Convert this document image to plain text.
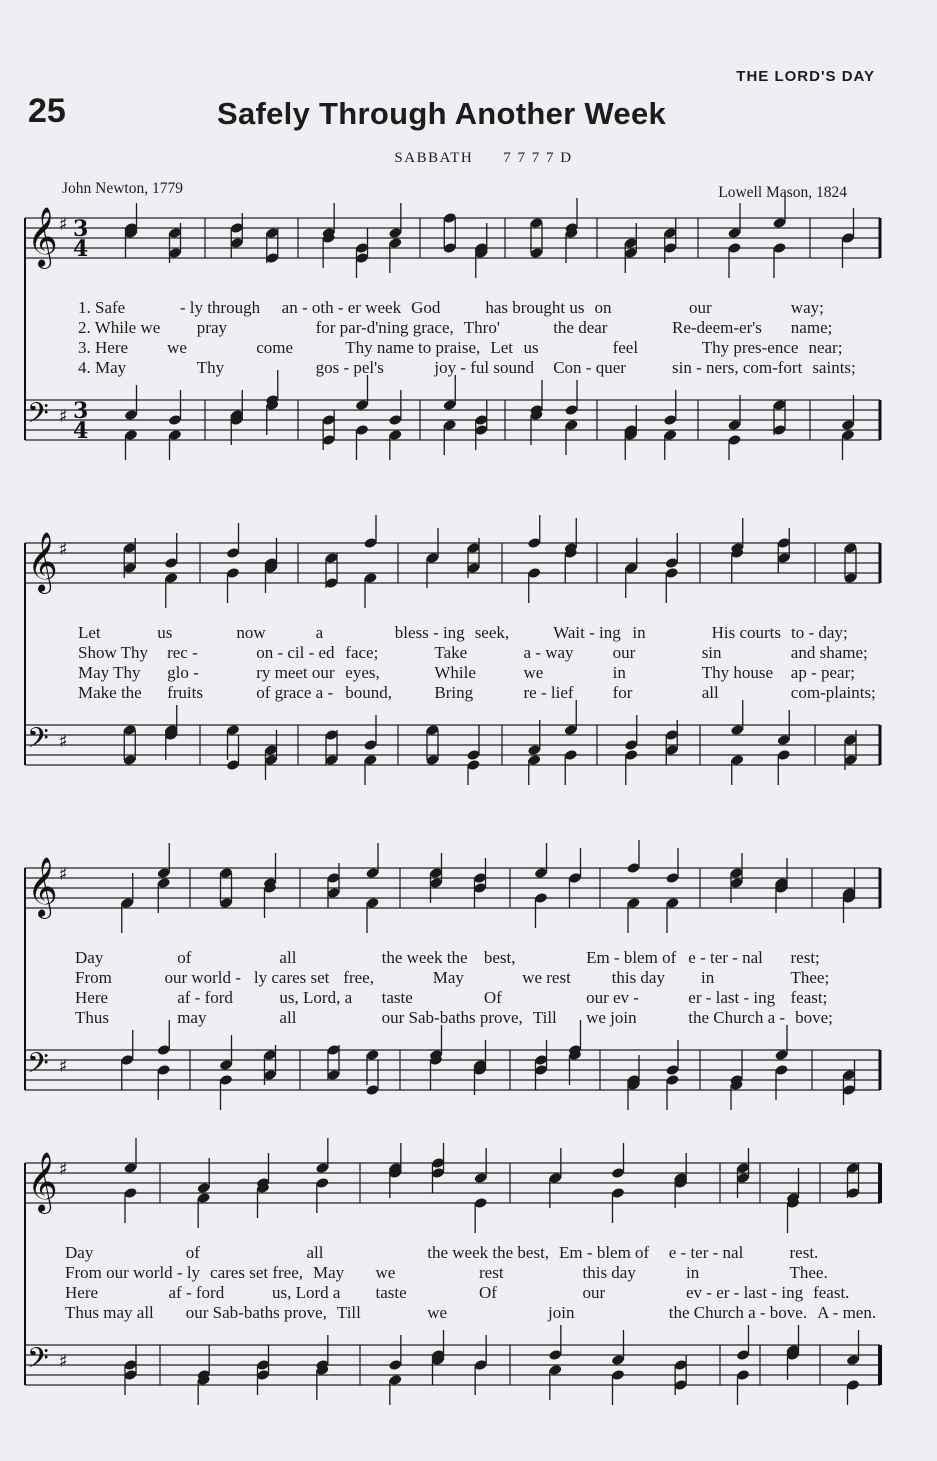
THE LORD'S DAY
25	Safely Through Another Week
SABBATH 7 7 7 7 D
John Newton, 1779	Lowell Mason, 1824
𝄞 ♯ 3
4
𝄢 ♯ 3
4
1. Safe	- ly through an - oth - er week God	has brought us on	our	way;
2. While we pray	for par-d'ning grace, Thro'	the dear	Re-deem-er's name;
3. Here we	come	Thy name to praise, Let us	feel	Thy pres-ence near;
4. May	Thy	gos - pel's	joy - ful sound Con - quer	sin - ners, com-fort saints;
𝄞 ♯
𝄢 ♯
Let	us	now	a	bless - ing seek,	Wait - ing in	His courts to - day;
Show Thy rec -	on - cil - ed face;	Take	a - way our	sin	and shame;
May Thy glo -	ry meet our eyes,	While	we	in	Thy house ap - pear;
Make the fruits	of grace a - bound, Bring	re - lief for	all	com-plaints;
𝄞 ♯
𝄢 ♯
Day	of	all	the week the best,	Em - blem of e - ter - nal rest;
From	our world - ly cares set free,	May	we rest this day in	Thee;
Here	af - ford	us, Lord, a taste	Of	our ev -	er - last - ing feast;
Thus	may	all	our Sab-baths prove, Till we join	the Church a - bove;
𝄞 ♯
𝄢 ♯
Day	of	all	the week the best, Em - blem of e - ter - nal	rest.
From our world - ly cares set free, May we	rest	this day	in	Thee.
Here	af - ford	us, Lord a taste	Of	our	ev - er - last - ing feast.
Thus may all our Sab-baths prove, Till	we	join	the Church a - bove. A - men.
